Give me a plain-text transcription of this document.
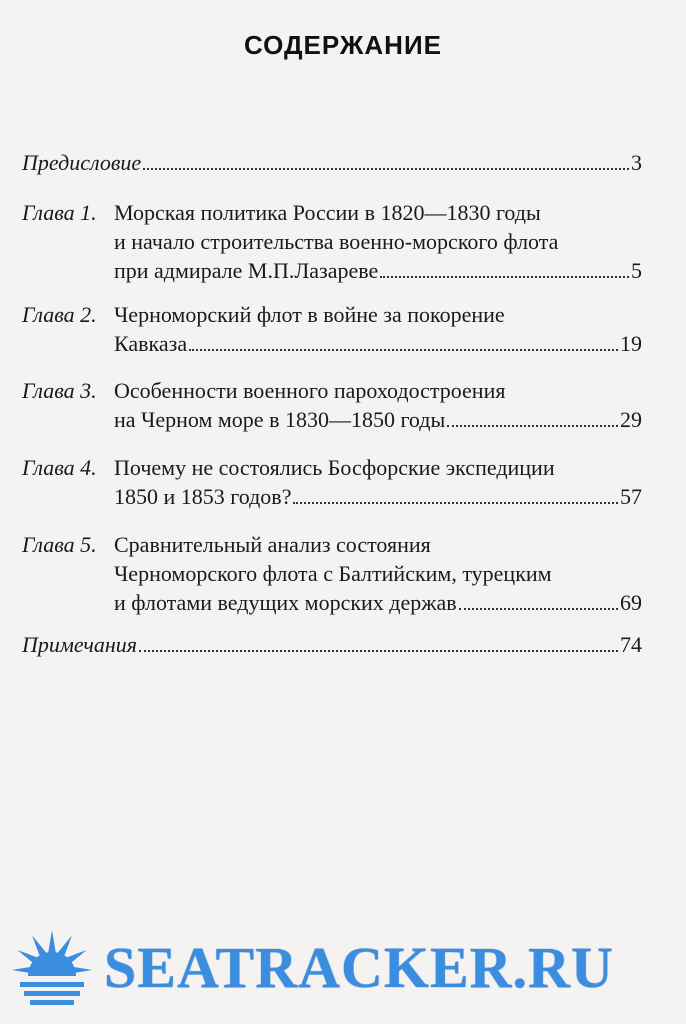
СОДЕРЖАНИЕ
Предисловие	3
Глава 1. Морская политика России в 1820—1830 годы
и начало строительства военно-морского флота
при адмирале М.П.Лазареве	5
Глава 2. Черноморский флот в войне за покорение
Кавказа	19
Глава 3. Особенности военного пароходостроения
на Черном море в 1830—1850 годы	29
Глава 4. Почему не состоялись Босфорские экспедиции
1850 и 1853 годов?	57
Глава 5. Сравнительный анализ состояния
Черноморского флота с Балтийским, турецким
и флотами ведущих морских держав	69
Примечания	74
SEATRACKER.RU
